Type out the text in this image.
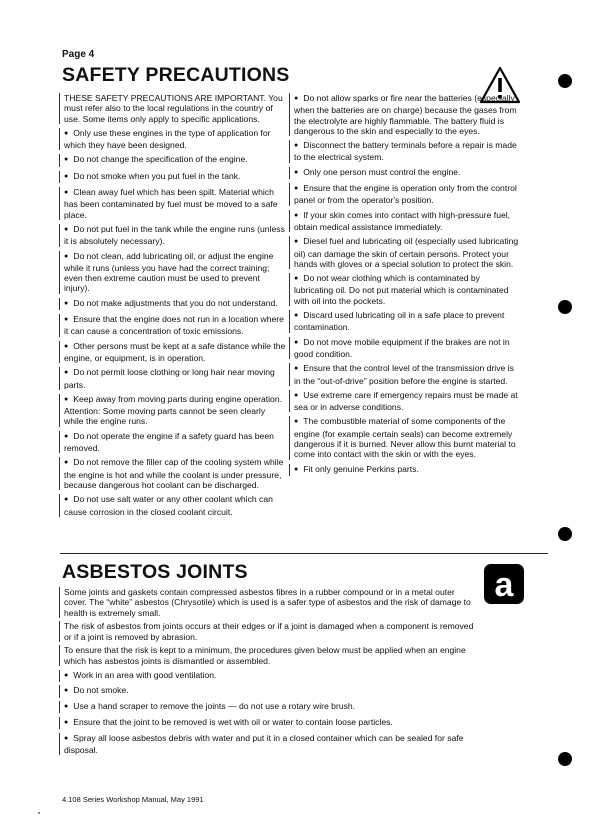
Page 4
SAFETY PRECAUTIONS

THESE SAFETY PRECAUTIONS ARE IMPORTANT. You must refer also to the local regulations in the country of use. Some items only apply to specific applications.

● Only use these engines in the type of application for which they have been designed.

● Do not change the specification of the engine.

● Do not smoke when you put fuel in the tank.

● Clean away fuel which has been spilt. Material which has been contaminated by fuel must be moved to a safe place.

● Do not put fuel in the tank while the engine runs (unless it is absolutely necessary).

● Do not clean, add lubricating oil, or adjust the engine while it runs (unless you have had the correct training; even then extreme caution must be used to prevent injury).

● Do not make adjustments that you do not understand.

● Ensure that the engine does not run in a location where it can cause a concentration of toxic emissions.

● Other persons must be kept at a safe distance while the engine, or equipment, is in operation.

● Do not permit loose clothing or long hair near moving parts.

● Keep away from moving parts during engine operation. Attention: Some moving parts cannot be seen clearly while the engine runs.

● Do not operate the engine if a safety guard has been removed.

● Do not remove the filler cap of the cooling system while the engine is hot and while the coolant is under pressure, because dangerous hot coolant can be discharged.

● Do not use salt water or any other coolant which can cause corrosion in the closed coolant circuit.

● Do not allow sparks or fire near the batteries (especially when the batteries are on charge) because the gases from the electrolyte are highly flammable. The battery fluid is dangerous to the skin and especially to the eyes.

● Disconnect the battery terminals before a repair is made to the electrical system.

● Only one person must control the engine.

● Ensure that the engine is operation only from the control panel or from the operator's position.

● If your skin comes into contact with high-pressure fuel, obtain medical assistance immediately.

● Diesel fuel and lubricating oil (especially used lubricating oil) can damage the skin of certain persons. Protect your hands with gloves or a special solution to protect the skin.

● Do not wear clothing which is contaminated by lubricating oil. Do not put material which is contaminated with oil into the pockets.

● Discard used lubricating oil in a safe place to prevent contamination.

● Do not move mobile equipment if the brakes are not in good condition.

● Ensure that the control level of the transmission drive is in the “out-of-drive” position before the engine is started.

● Use extreme care if emergency repairs must be made at sea or in adverse conditions.

● The combustible material of some components of the engine (for example certain seals) can become extremely dangerous if it is burned. Never allow this burnt material to come into contact with the skin or with the eyes.

● Fit only genuine Perkins parts.

ASBESTOS JOINTS	a

Some joints and gaskets contain compressed asbestos fibres in a rubber compound or in a metal outer cover. The “white” asbestos (Chrysotile) which is used is a safer type of asbestos and the risk of damage to health is extremely small.

The risk of asbestos from joints occurs at their edges or if a joint is damaged when a component is removed or if a joint is removed by abrasion.

To ensure that the risk is kept to a minimum, the procedures given below must be applied when an engine which has asbestos joints is dismantled or assembled.

● Work in an area with good ventilation.

● Do not smoke.

● Use a hand scraper to remove the joints — do not use a rotary wire brush.

● Ensure that the joint to be removed is wet with oil or water to contain loose particles.

● Spray all loose asbestos debris with water and put it in a closed container which can be sealed for safe disposal.

4.108 Series Workshop Manual, May 1991
